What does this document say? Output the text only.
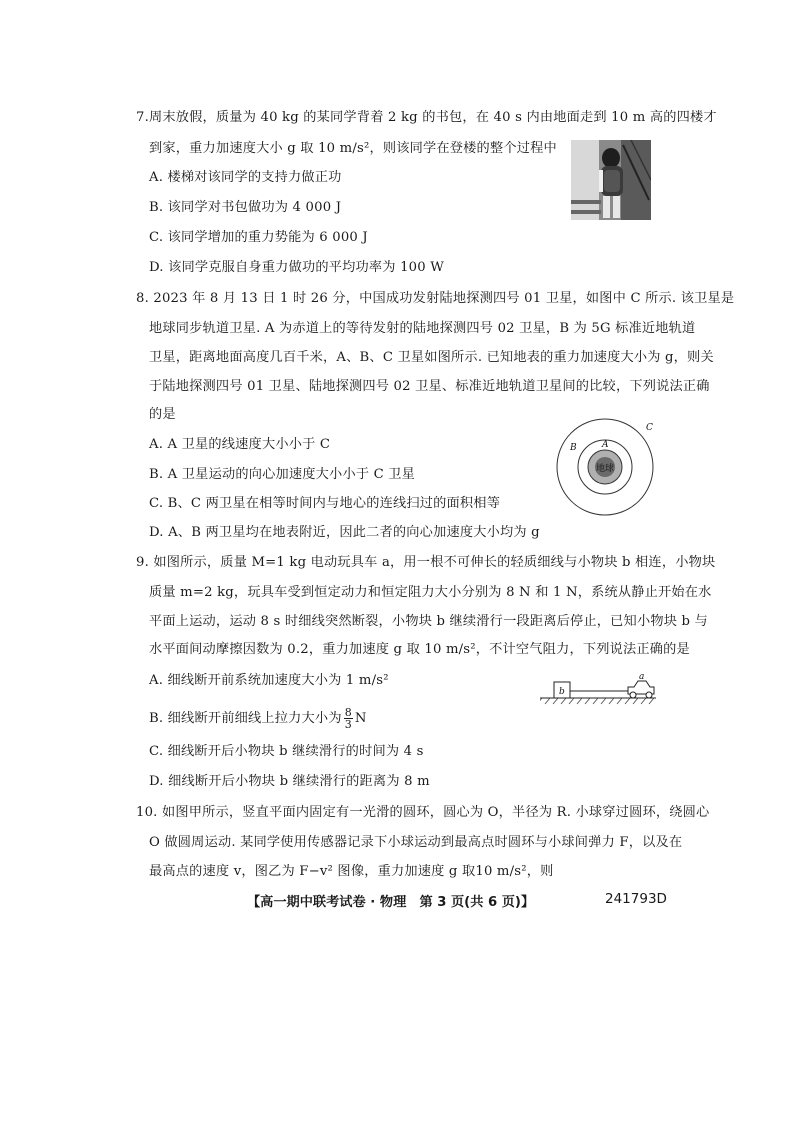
7.周末放假，质量为 40 kg 的某同学背着 2 kg 的书包，在 40 s 内由地面走到 10 m 高的四楼才
到家，重力加速度大小 g 取 10 m/s²，则该同学在登楼的整个过程中
A. 楼梯对该同学的支持力做正功
B. 该同学对书包做功为 4 000 J
C. 该同学增加的重力势能为 6 000 J
D. 该同学克服自身重力做功的平均功率为 100 W
8. 2023 年 8 月 13 日 1 时 26 分，中国成功发射陆地探测四号 01 卫星，如图中 C 所示. 该卫星是
地球同步轨道卫星. A 为赤道上的等待发射的陆地探测四号 02 卫星，B 为 5G 标准近地轨道
卫星，距离地面高度几百千米，A、B、C 卫星如图所示. 已知地表的重力加速度大小为 g，则关
于陆地探测四号 01 卫星、陆地探测四号 02 卫星、标准近地轨道卫星间的比较，下列说法正确
的是
A. A 卫星的线速度大小小于 C
B. A 卫星运动的向心加速度大小小于 C 卫星
C. B、C 两卫星在相等时间内与地心的连线扫过的面积相等
D. A、B 两卫星均在地表附近，因此二者的向心加速度大小均为 g
地球
A
B
C
9. 如图所示，质量 M=1 kg 电动玩具车 a，用一根不可伸长的轻质细线与小物块 b 相连，小物块
质量 m=2 kg，玩具车受到恒定动力和恒定阻力大小分别为 8 N 和 1 N，系统从静止开始在水
平面上运动，运动 8 s 时细线突然断裂，小物块 b 继续滑行一段距离后停止，已知小物块 b 与
水平面间动摩擦因数为 0.2，重力加速度 g 取 10 m/s²，不计空气阻力，下列说法正确的是
A. 细线断开前系统加速度大小为 1 m/s²
B. 细线断开前细线上拉力大小为 $\frac{8}{3}$ N
C. 细线断开后小物块 b 继续滑行的时间为 4 s
D. 细线断开后小物块 b 继续滑行的距离为 8 m
b
a
10. 如图甲所示，竖直平面内固定有一光滑的圆环，圆心为 O，半径为 R. 小球穿过圆环，绕圆心
O 做圆周运动. 某同学使用传感器记录下小球运动到最高点时圆环与小球间弹力 F，以及在
最高点的速度 v，图乙为 F−v² 图像，重力加速度 g 取10 m/s²，则
【高一期中联考试卷 · 物理　第 3 页(共 6 页)】	241793D
